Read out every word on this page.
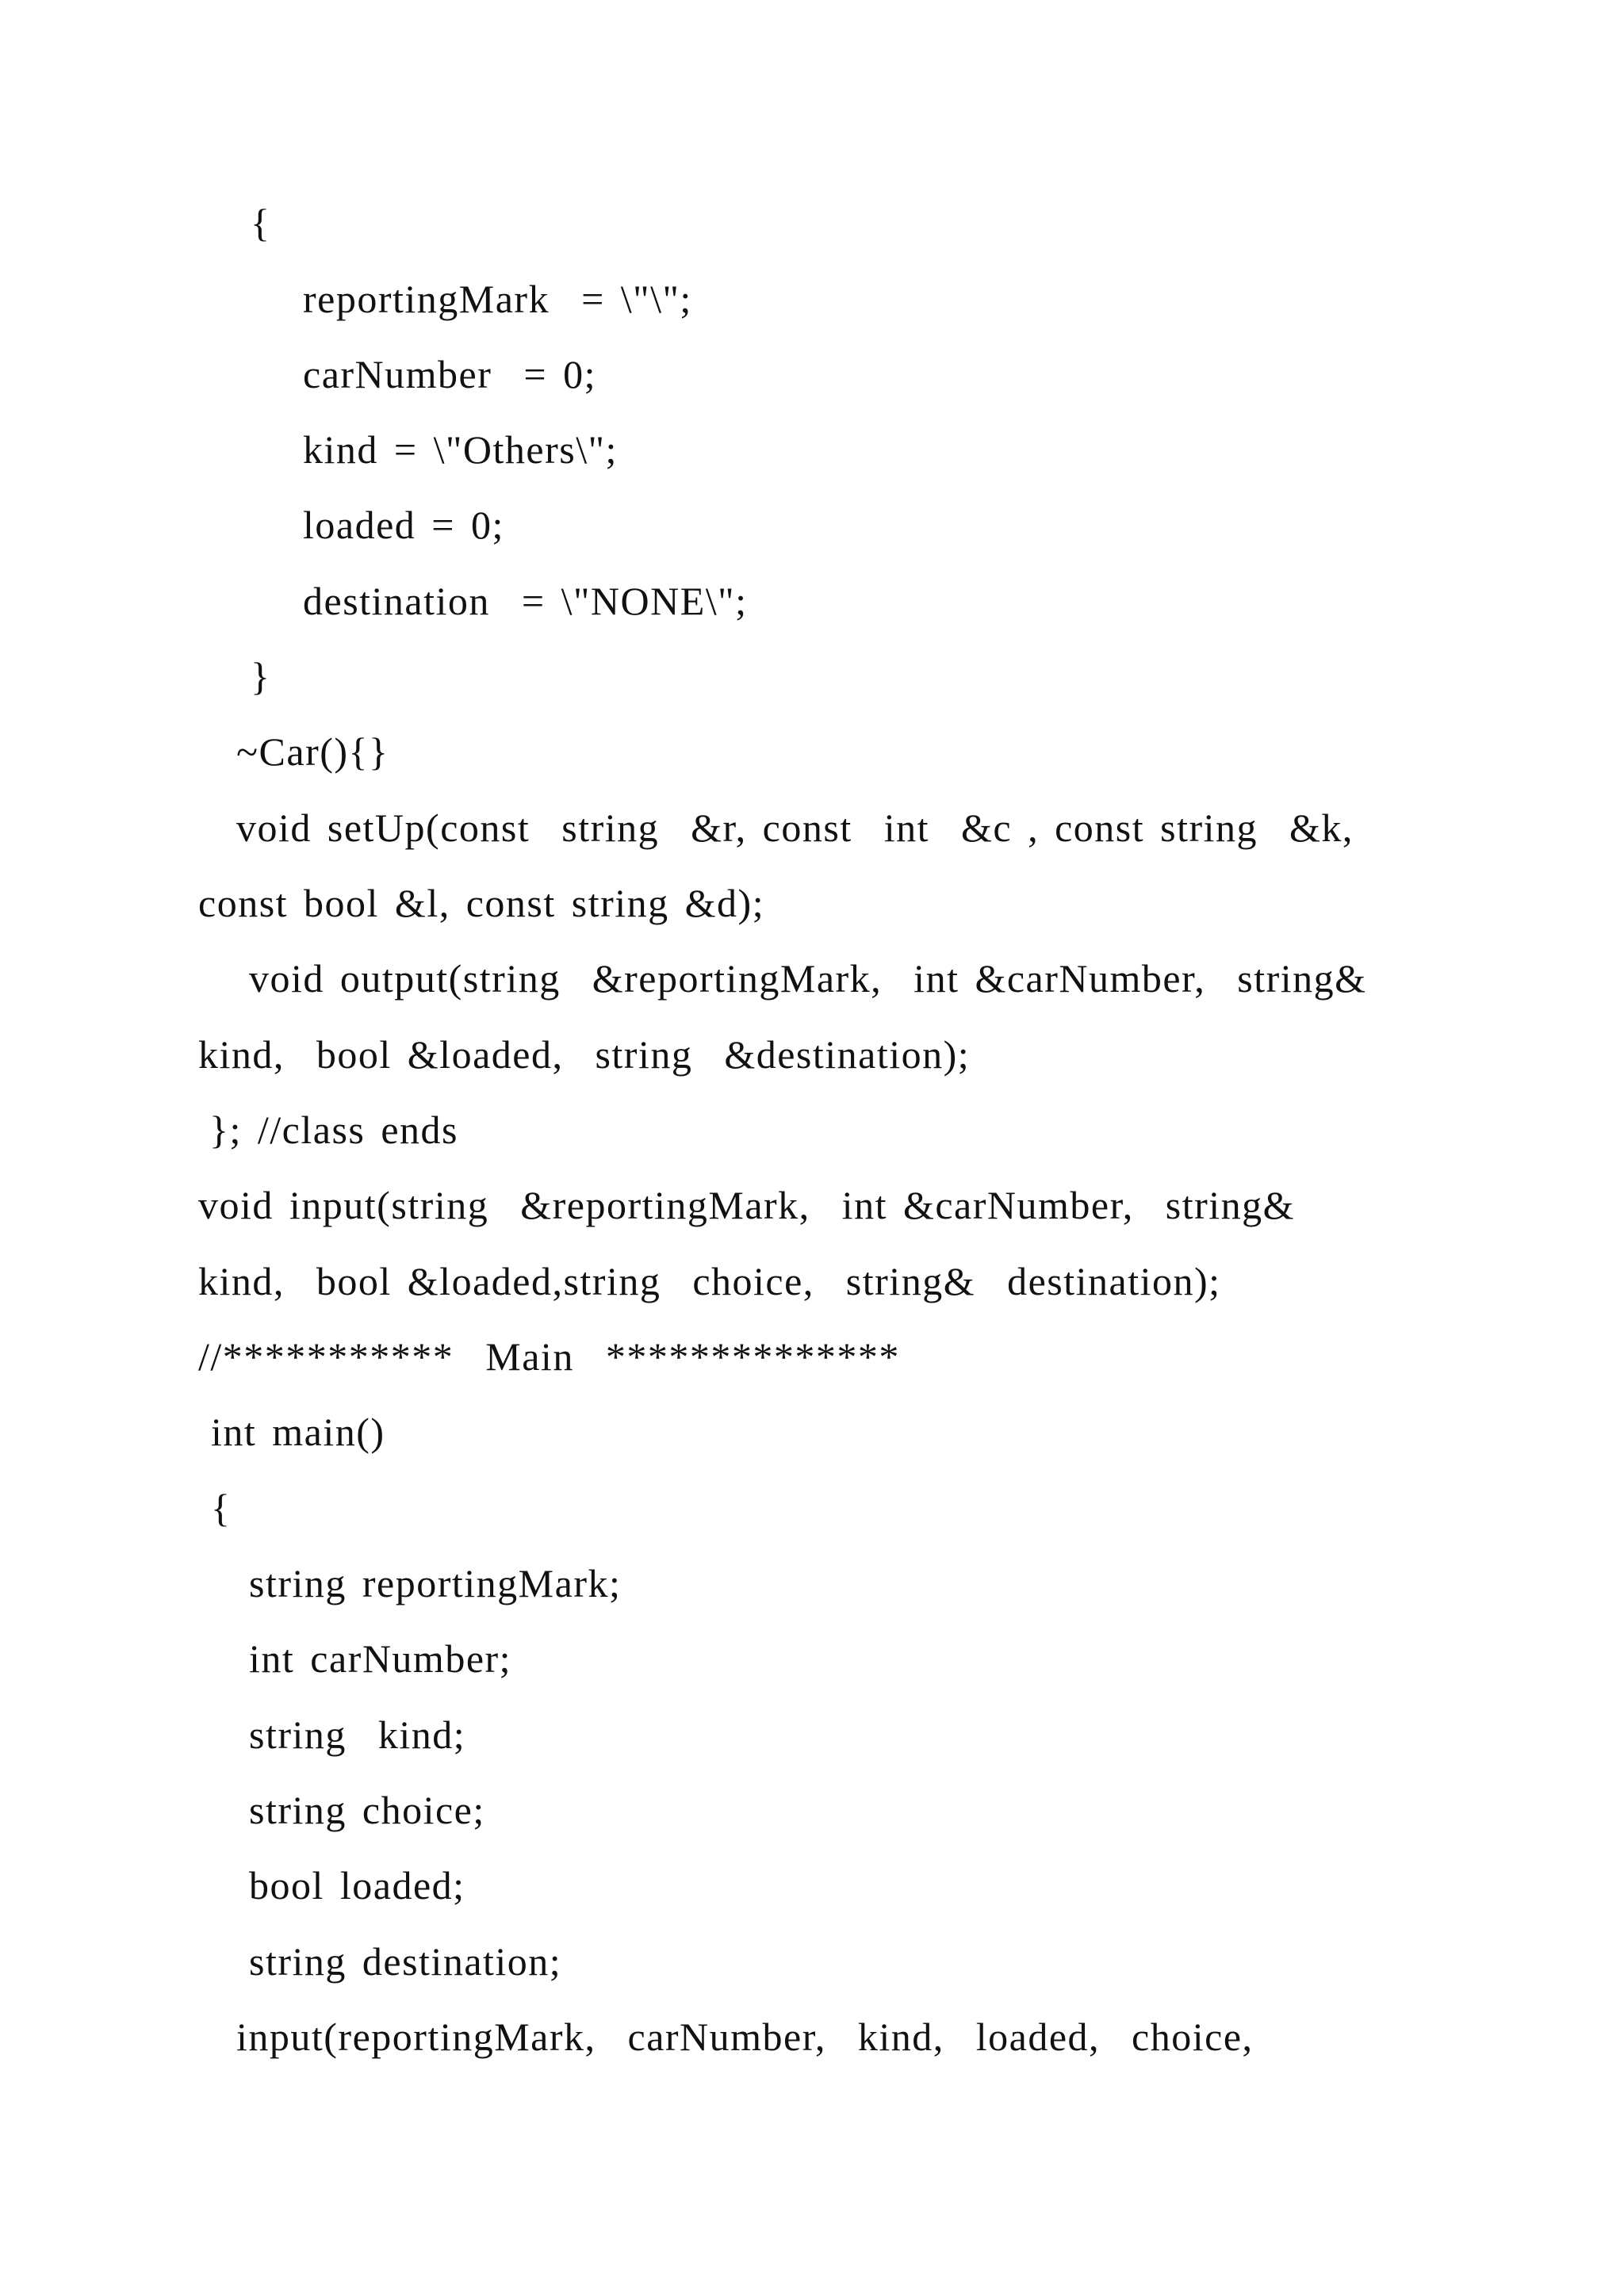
{
reportingMark  = \"\";
carNumber  = 0;
kind = \"Others\";
loaded = 0;
destination  = \"NONE\";
}
~Car(){}
void setUp(const  string  &r, const  int  &c , const string  &k,
const bool &l, const string &d);
void output(string  &reportingMark,  int &carNumber,  string&
kind,  bool &loaded,  string  &destination);
}; //class ends
void input(string  &reportingMark,  int &carNumber,  string&
kind,  bool &loaded,string  choice,  string&  destination);
//***********  Main  **************
int main()
{
string reportingMark;
int carNumber;
string  kind;
string choice;
bool loaded;
string destination;
input(reportingMark,  carNumber,  kind,  loaded,  choice,
